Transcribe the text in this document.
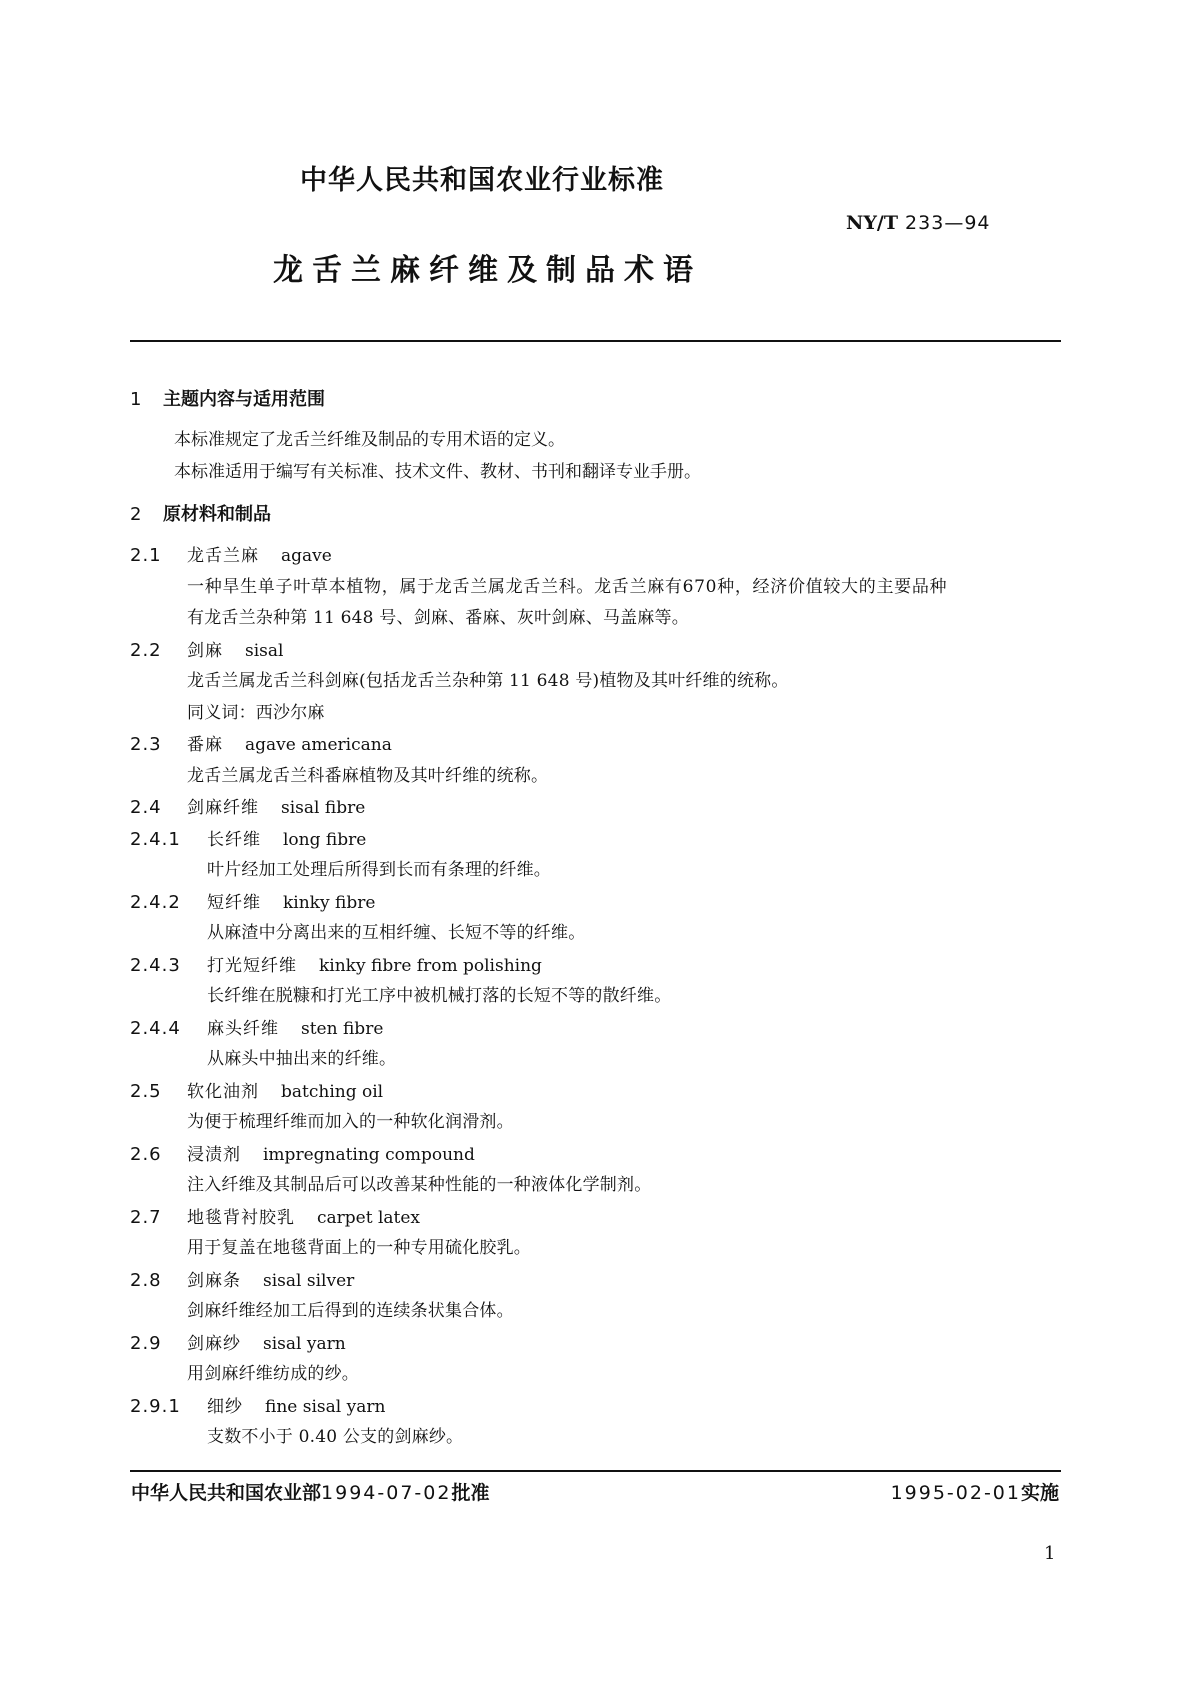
中华人民共和国农业行业标准
NY/T 233—94
龙舌兰麻纤维及制品术语
1	主题内容与适用范围
本标准规定了龙舌兰纤维及制品的专用术语的定义。
本标准适用于编写有关标准、技术文件、教材、书刊和翻译专业手册。
2	原材料和制品
2.1	龙舌兰麻 agave
一种旱生单子叶草本植物，属于龙舌兰属龙舌兰科。龙舌兰麻有670种，经济价值较大的主要品种
有龙舌兰杂种第 11 648 号、剑麻、番麻、灰叶剑麻、马盖麻等。
2.2	剑麻 sisal
龙舌兰属龙舌兰科剑麻(包括龙舌兰杂种第 11 648 号)植物及其叶纤维的统称。
同义词：西沙尔麻
2.3	番麻 agave americana
龙舌兰属龙舌兰科番麻植物及其叶纤维的统称。
2.4	剑麻纤维 sisal fibre
2.4.1	长纤维 long fibre
叶片经加工处理后所得到长而有条理的纤维。
2.4.2	短纤维 kinky fibre
从麻渣中分离出来的互相纤缠、长短不等的纤维。
2.4.3	打光短纤维 kinky fibre from polishing
长纤维在脱糠和打光工序中被机械打落的长短不等的散纤维。
2.4.4	麻头纤维 sten fibre
从麻头中抽出来的纤维。
2.5	软化油剂 batching oil
为便于梳理纤维而加入的一种软化润滑剂。
2.6	浸渍剂 impregnating compound
注入纤维及其制品后可以改善某种性能的一种液体化学制剂。
2.7	地毯背衬胶乳 carpet latex
用于复盖在地毯背面上的一种专用硫化胶乳。
2.8	剑麻条 sisal silver
剑麻纤维经加工后得到的连续条状集合体。
2.9	剑麻纱 sisal yarn
用剑麻纤维纺成的纱。
2.9.1	细纱 fine sisal yarn
支数不小于 0.40 公支的剑麻纱。
中华人民共和国农业部1994-07-02批准	1995-02-01实施
1
